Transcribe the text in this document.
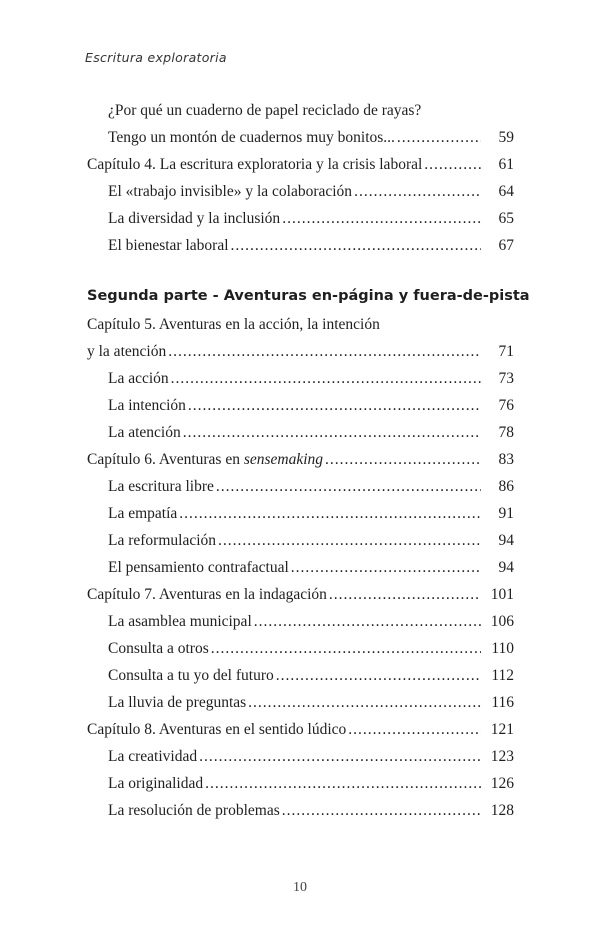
Escritura exploratoria
¿Por qué un cuaderno de papel reciclado de rayas?
Tengo un montón de cuadernos muy bonitos... .....	59
Capítulo 4. La escritura exploratoria y la crisis laboral .....	61
El «trabajo invisible» y la colaboración .....	64
La diversidad y la inclusión .....	65
El bienestar laboral .....	67
Segunda parte - Aventuras en-página y fuera-de-pista
Capítulo 5. Aventuras en la acción, la intención
y la atención .....	71
La acción .....	73
La intención .....	76
La atención .....	78
Capítulo 6. Aventuras en sensemaking .....	83
La escritura libre .....	86
La empatía .....	91
La reformulación .....	94
El pensamiento contrafactual .....	94
Capítulo 7. Aventuras en la indagación .....	101
La asamblea municipal .....	106
Consulta a otros .....	110
Consulta a tu yo del futuro .....	112
La lluvia de preguntas .....	116
Capítulo 8. Aventuras en el sentido lúdico .....	121
La creatividad .....	123
La originalidad .....	126
La resolución de problemas .....	128
10
